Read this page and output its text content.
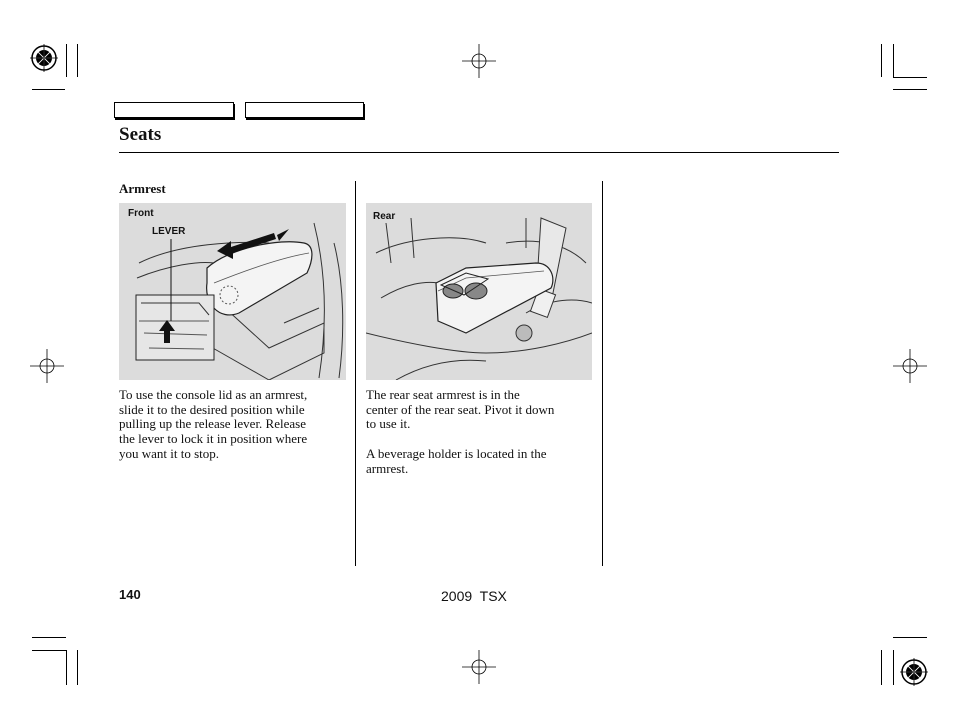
Seats
Armrest
Front
LEVER
Rear
To use the console lid as an armrest,
slide it to the desired position while
pulling up the release lever. Release
the lever to lock it in position where
you want it to stop.
The rear seat armrest is in the
center of the rear seat. Pivot it down
to use it.
A beverage holder is located in the
armrest.
140	2009  TSX
